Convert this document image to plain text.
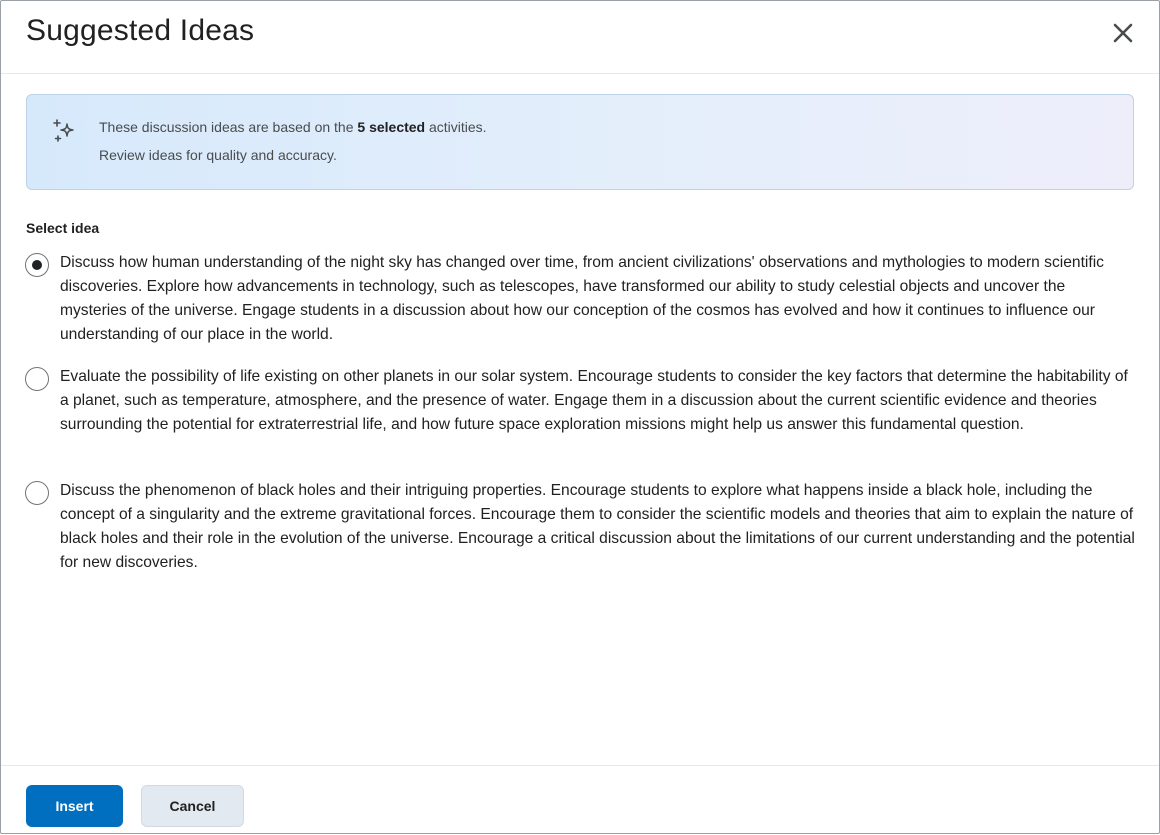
Suggested Ideas
These discussion ideas are based on the 5 selected activities.
Review ideas for quality and accuracy.
Select idea
Discuss how human understanding of the night sky has changed over time, from ancient civilizations' observations and mythologies to modern scientific discoveries. Explore how advancements in technology, such as telescopes, have transformed our ability to study celestial objects and uncover the mysteries of the universe. Engage students in a discussion about how our conception of the cosmos has evolved and how it continues to influence our understanding of our place in the world.
Evaluate the possibility of life existing on other planets in our solar system. Encourage students to consider the key factors that determine the habitability of a planet, such as temperature, atmosphere, and the presence of water. Engage them in a discussion about the current scientific evidence and theories surrounding the potential for extraterrestrial life, and how future space exploration missions might help us answer this fundamental question.
Discuss the phenomenon of black holes and their intriguing properties. Encourage students to explore what happens inside a black hole, including the concept of a singularity and the extreme gravitational forces. Encourage them to consider the scientific models and theories that aim to explain the nature of black holes and their role in the evolution of the universe. Encourage a critical discussion about the limitations of our current understanding and the potential for new discoveries.
Insert	Cancel
